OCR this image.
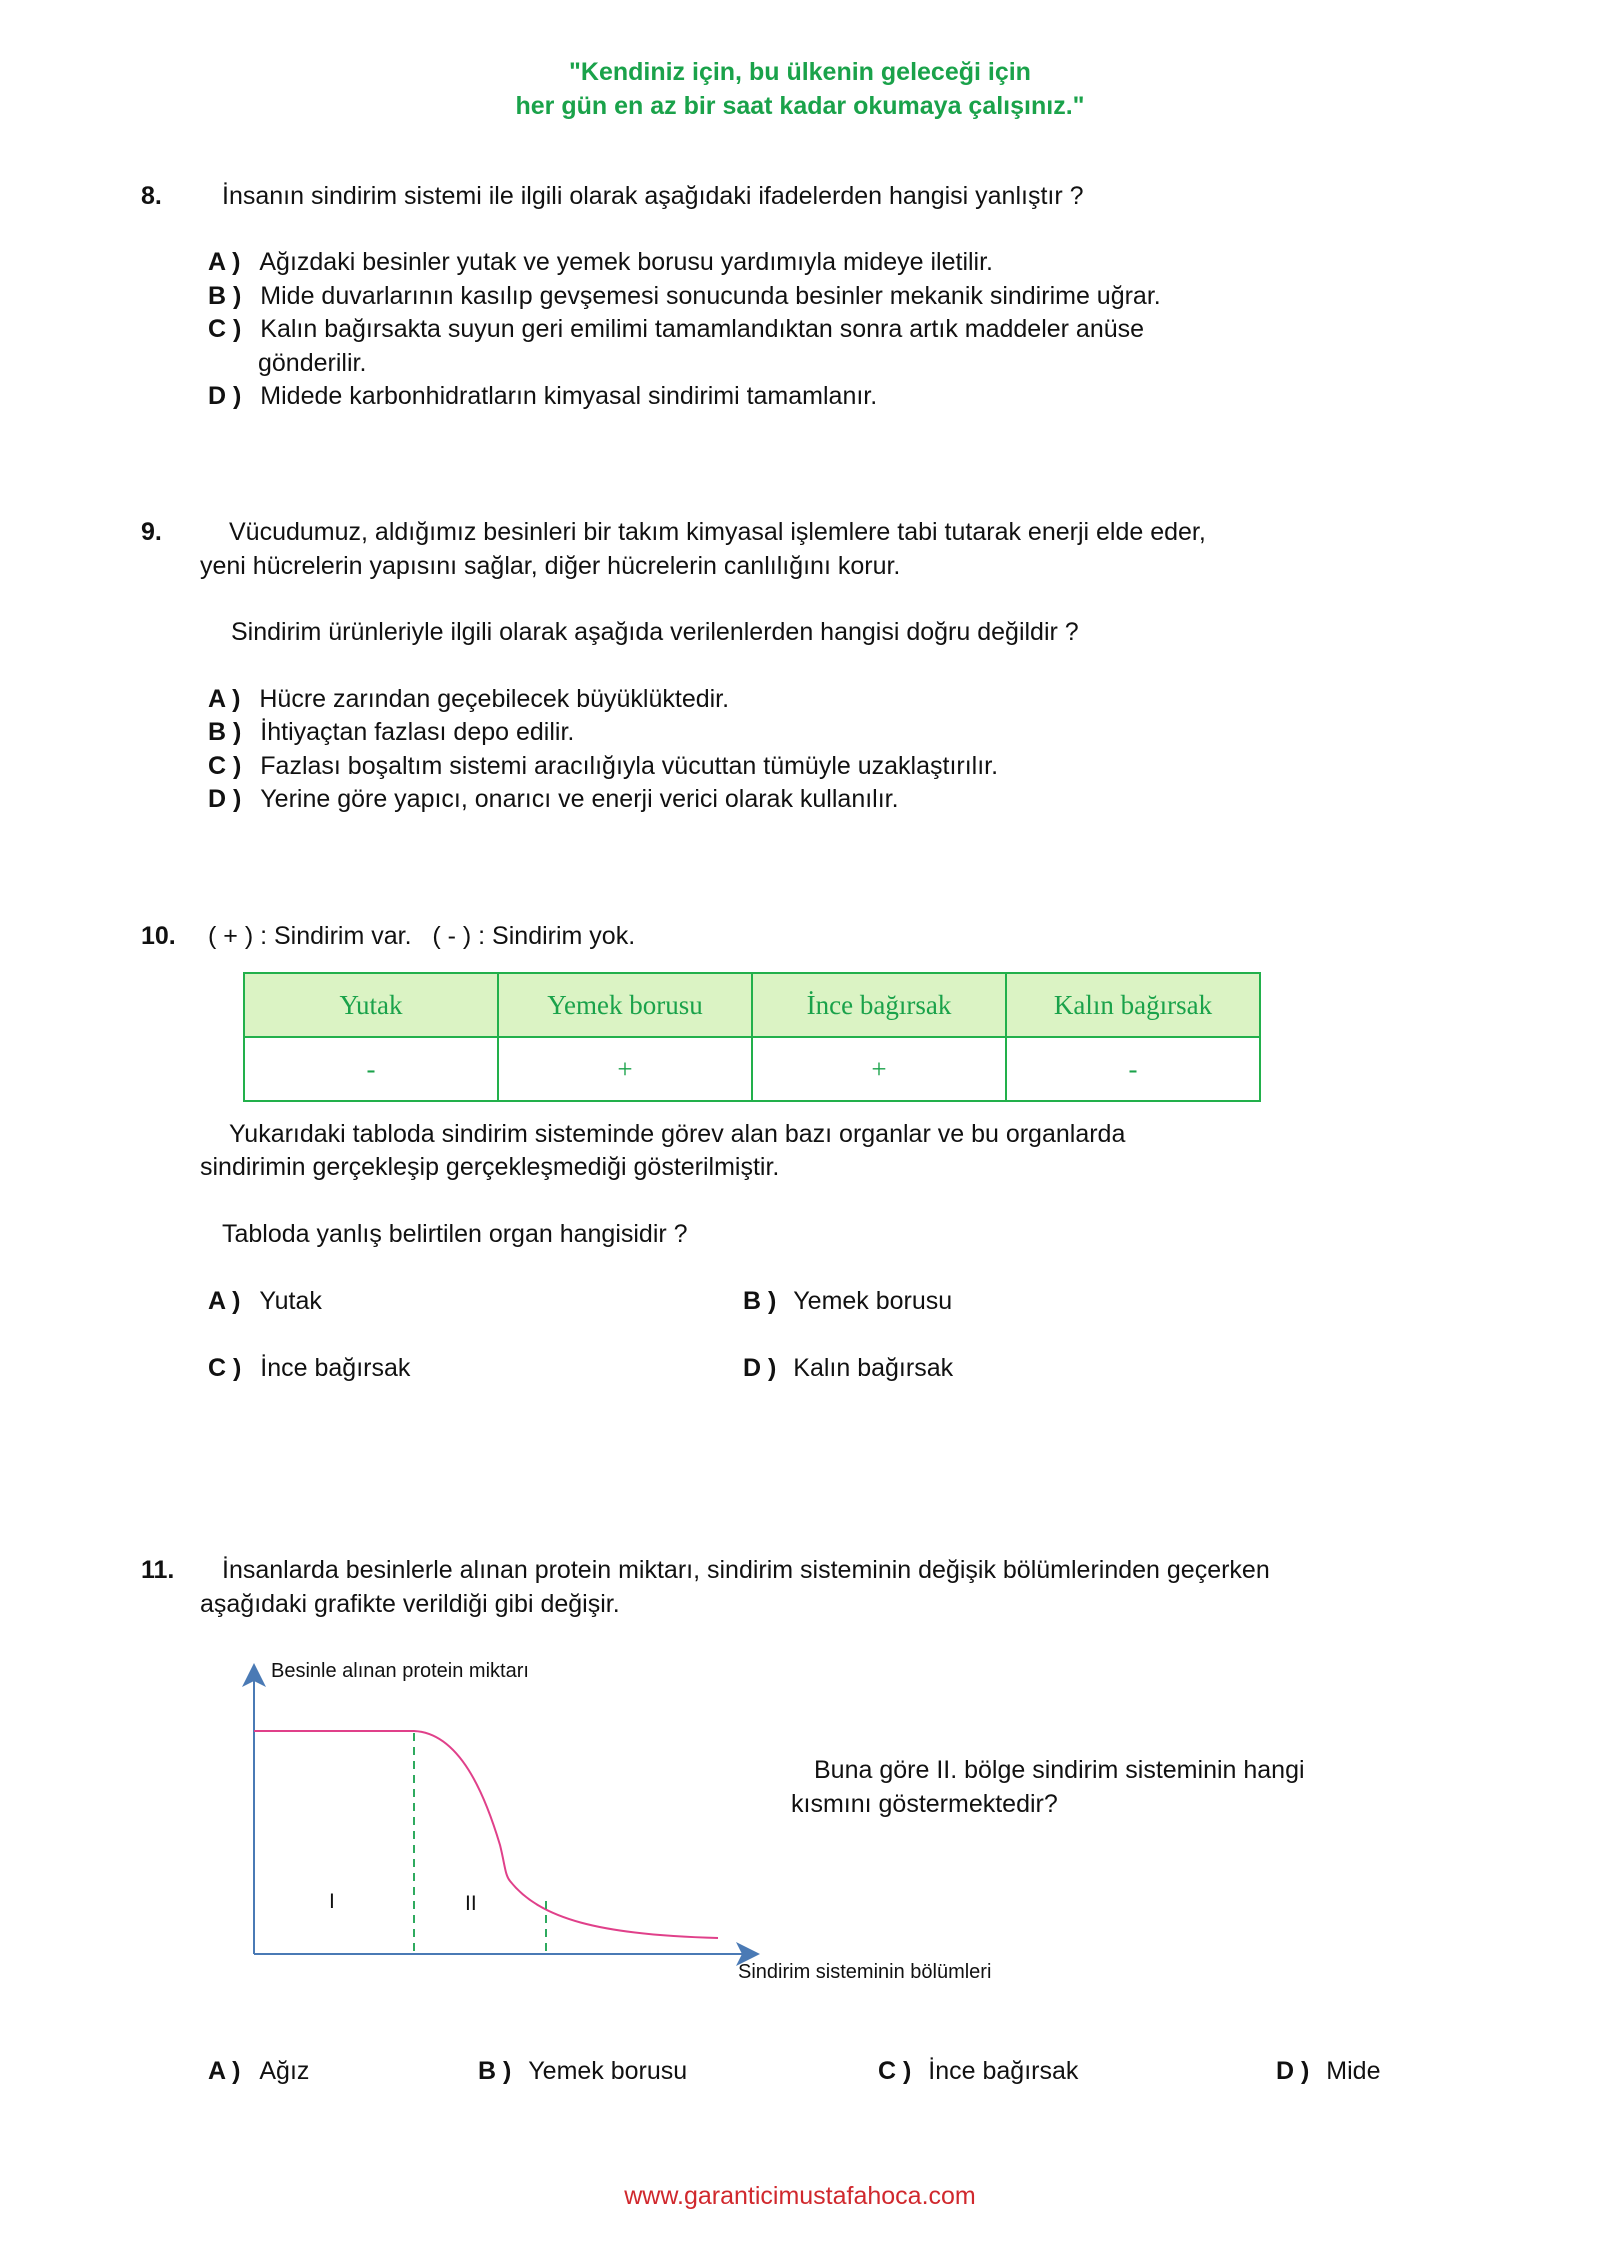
"Kendiniz için, bu ülkenin geleceği için
her gün en az bir saat kadar okumaya çalışınız."
8. İnsanın sindirim sistemi ile ilgili olarak aşağıdaki ifadelerden hangisi yanlıştır ?
A ) Ağızdaki besinler yutak ve yemek borusu yardımıyla mideye iletilir.
B ) Mide duvarlarının kasılıp gevşemesi sonucunda besinler mekanik sindirime uğrar.
C ) Kalın bağırsakta suyun geri emilimi tamamlandıktan sonra artık maddeler anüse
gönderilir.
D ) Midede karbonhidratların kimyasal sindirimi tamamlanır.
9.	Vücudumuz, aldığımız besinleri bir takım kimyasal işlemlere tabi tutarak enerji elde eder,
yeni hücrelerin yapısını sağlar, diğer hücrelerin canlılığını korur.
Sindirim ürünleriyle ilgili olarak aşağıda verilenlerden hangisi doğru değildir ?
A ) Hücre zarından geçebilecek büyüklüktedir.
B ) İhtiyaçtan fazlası depo edilir.
C ) Fazlası boşaltım sistemi aracılığıyla vücuttan tümüyle uzaklaştırılır.
D ) Yerine göre yapıcı, onarıcı ve enerji verici olarak kullanılır.
10. ( + ) : Sindirim var.   ( - ) : Sindirim yok.
Yutak	Yemek borusu	İnce bağırsak	Kalın bağırsak
-	+	+	-
Yukarıdaki tabloda sindirim sisteminde görev alan bazı organlar ve bu organlarda
sindirimin gerçekleşip gerçekleşmediği gösterilmiştir.
Tabloda yanlış belirtilen organ hangisidir ?
A ) Yutak	B ) Yemek borusu
C ) İnce bağırsak	D ) Kalın bağırsak
11. İnsanlarda besinlerle alınan protein miktarı, sindirim sisteminin değişik bölümlerinden geçerken
aşağıdaki grafikte verildiği gibi değişir.
Besinle alınan protein miktarı
Sindirim sisteminin bölümleri
I	II
Buna göre II. bölge sindirim sisteminin hangi
kısmını göstermektedir?
A ) Ağız	B ) Yemek borusu	C ) İnce bağırsak	D ) Mide
www.garanticimustafahoca.com
